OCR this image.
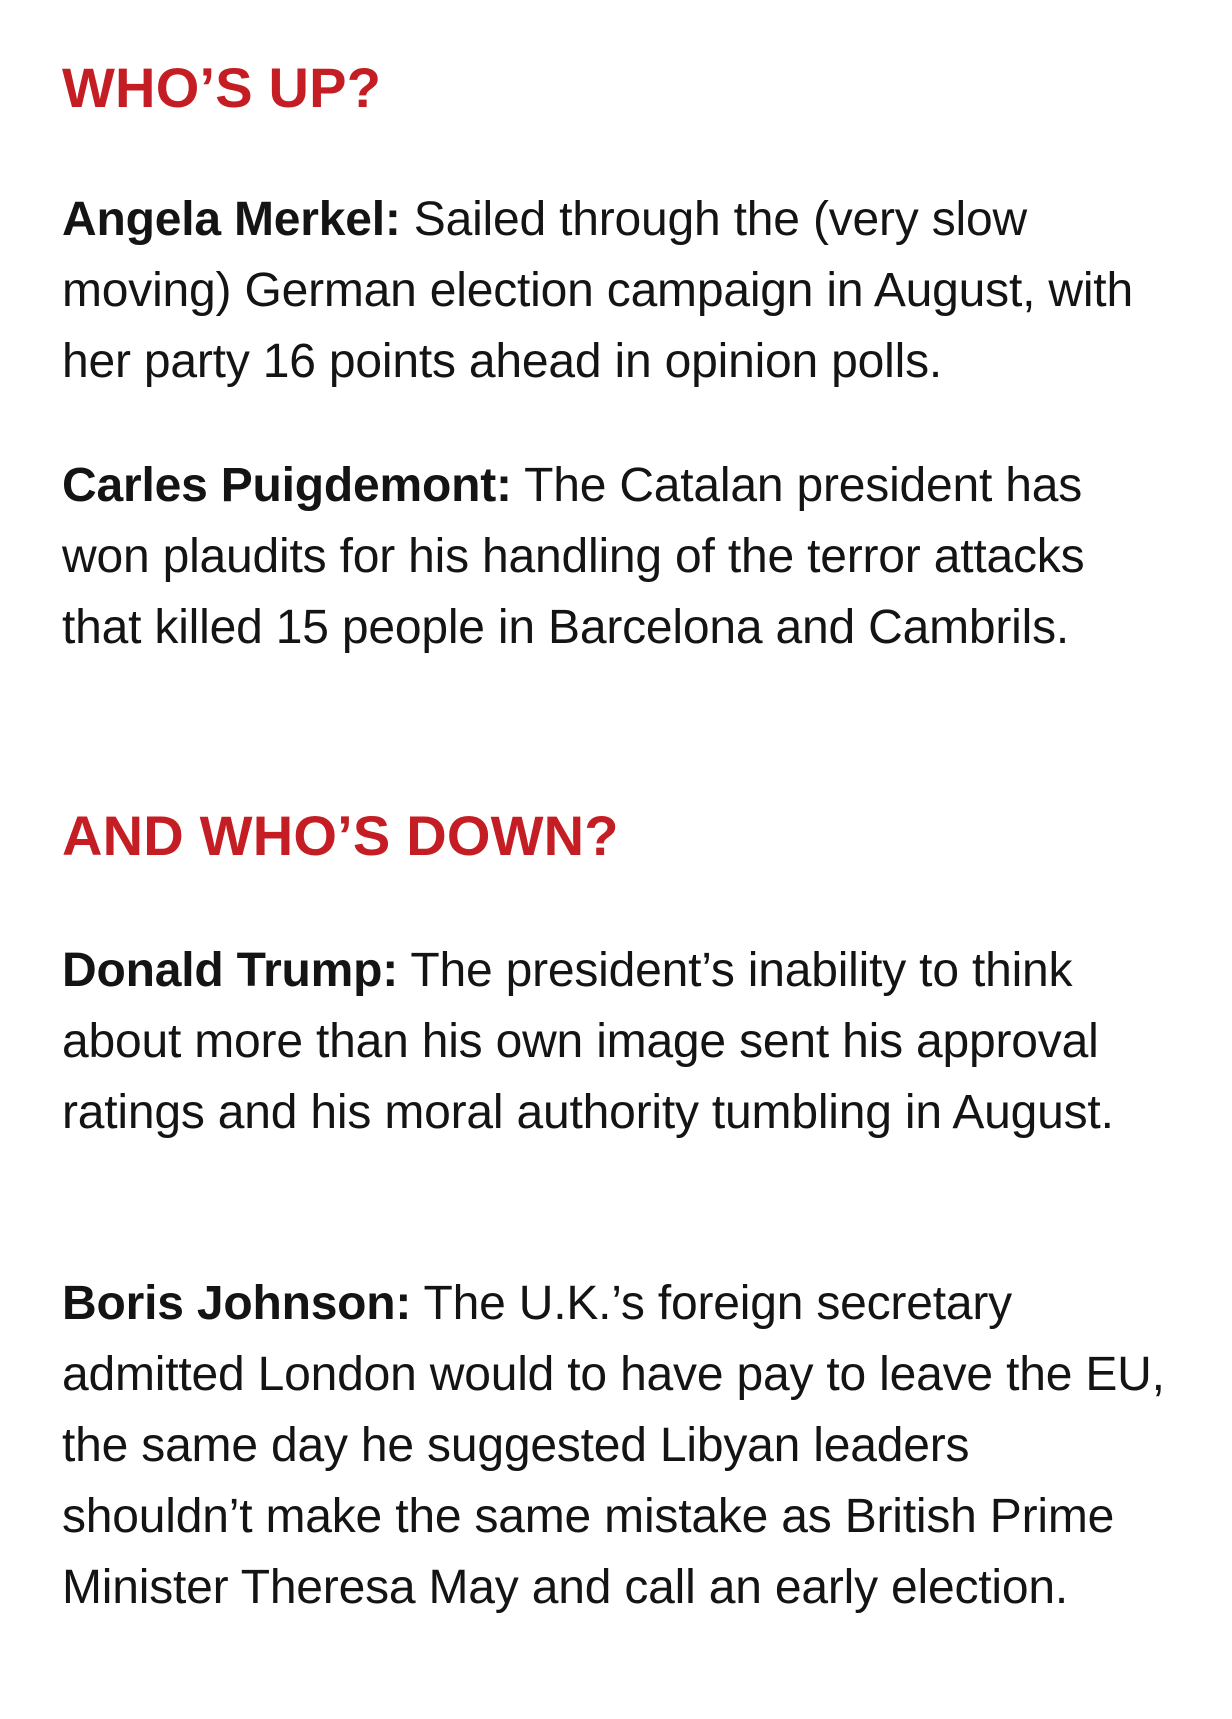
WHO’S UP?

Angela Merkel: Sailed through the (very slow moving) German election campaign in August, with her party 16 points ahead in opinion polls.

Carles Puigdemont: The Catalan president has won plaudits for his handling of the terror attacks that killed 15 people in Barcelona and Cambrils.

AND WHO’S DOWN?

Donald Trump: The president’s inability to think about more than his own image sent his approval ratings and his moral authority tumbling in August.

Boris Johnson: The U.K.’s foreign secretary admitted London would to have pay to leave the EU, the same day he suggested Libyan leaders shouldn’t make the same mistake as British Prime Minister Theresa May and call an early election.
